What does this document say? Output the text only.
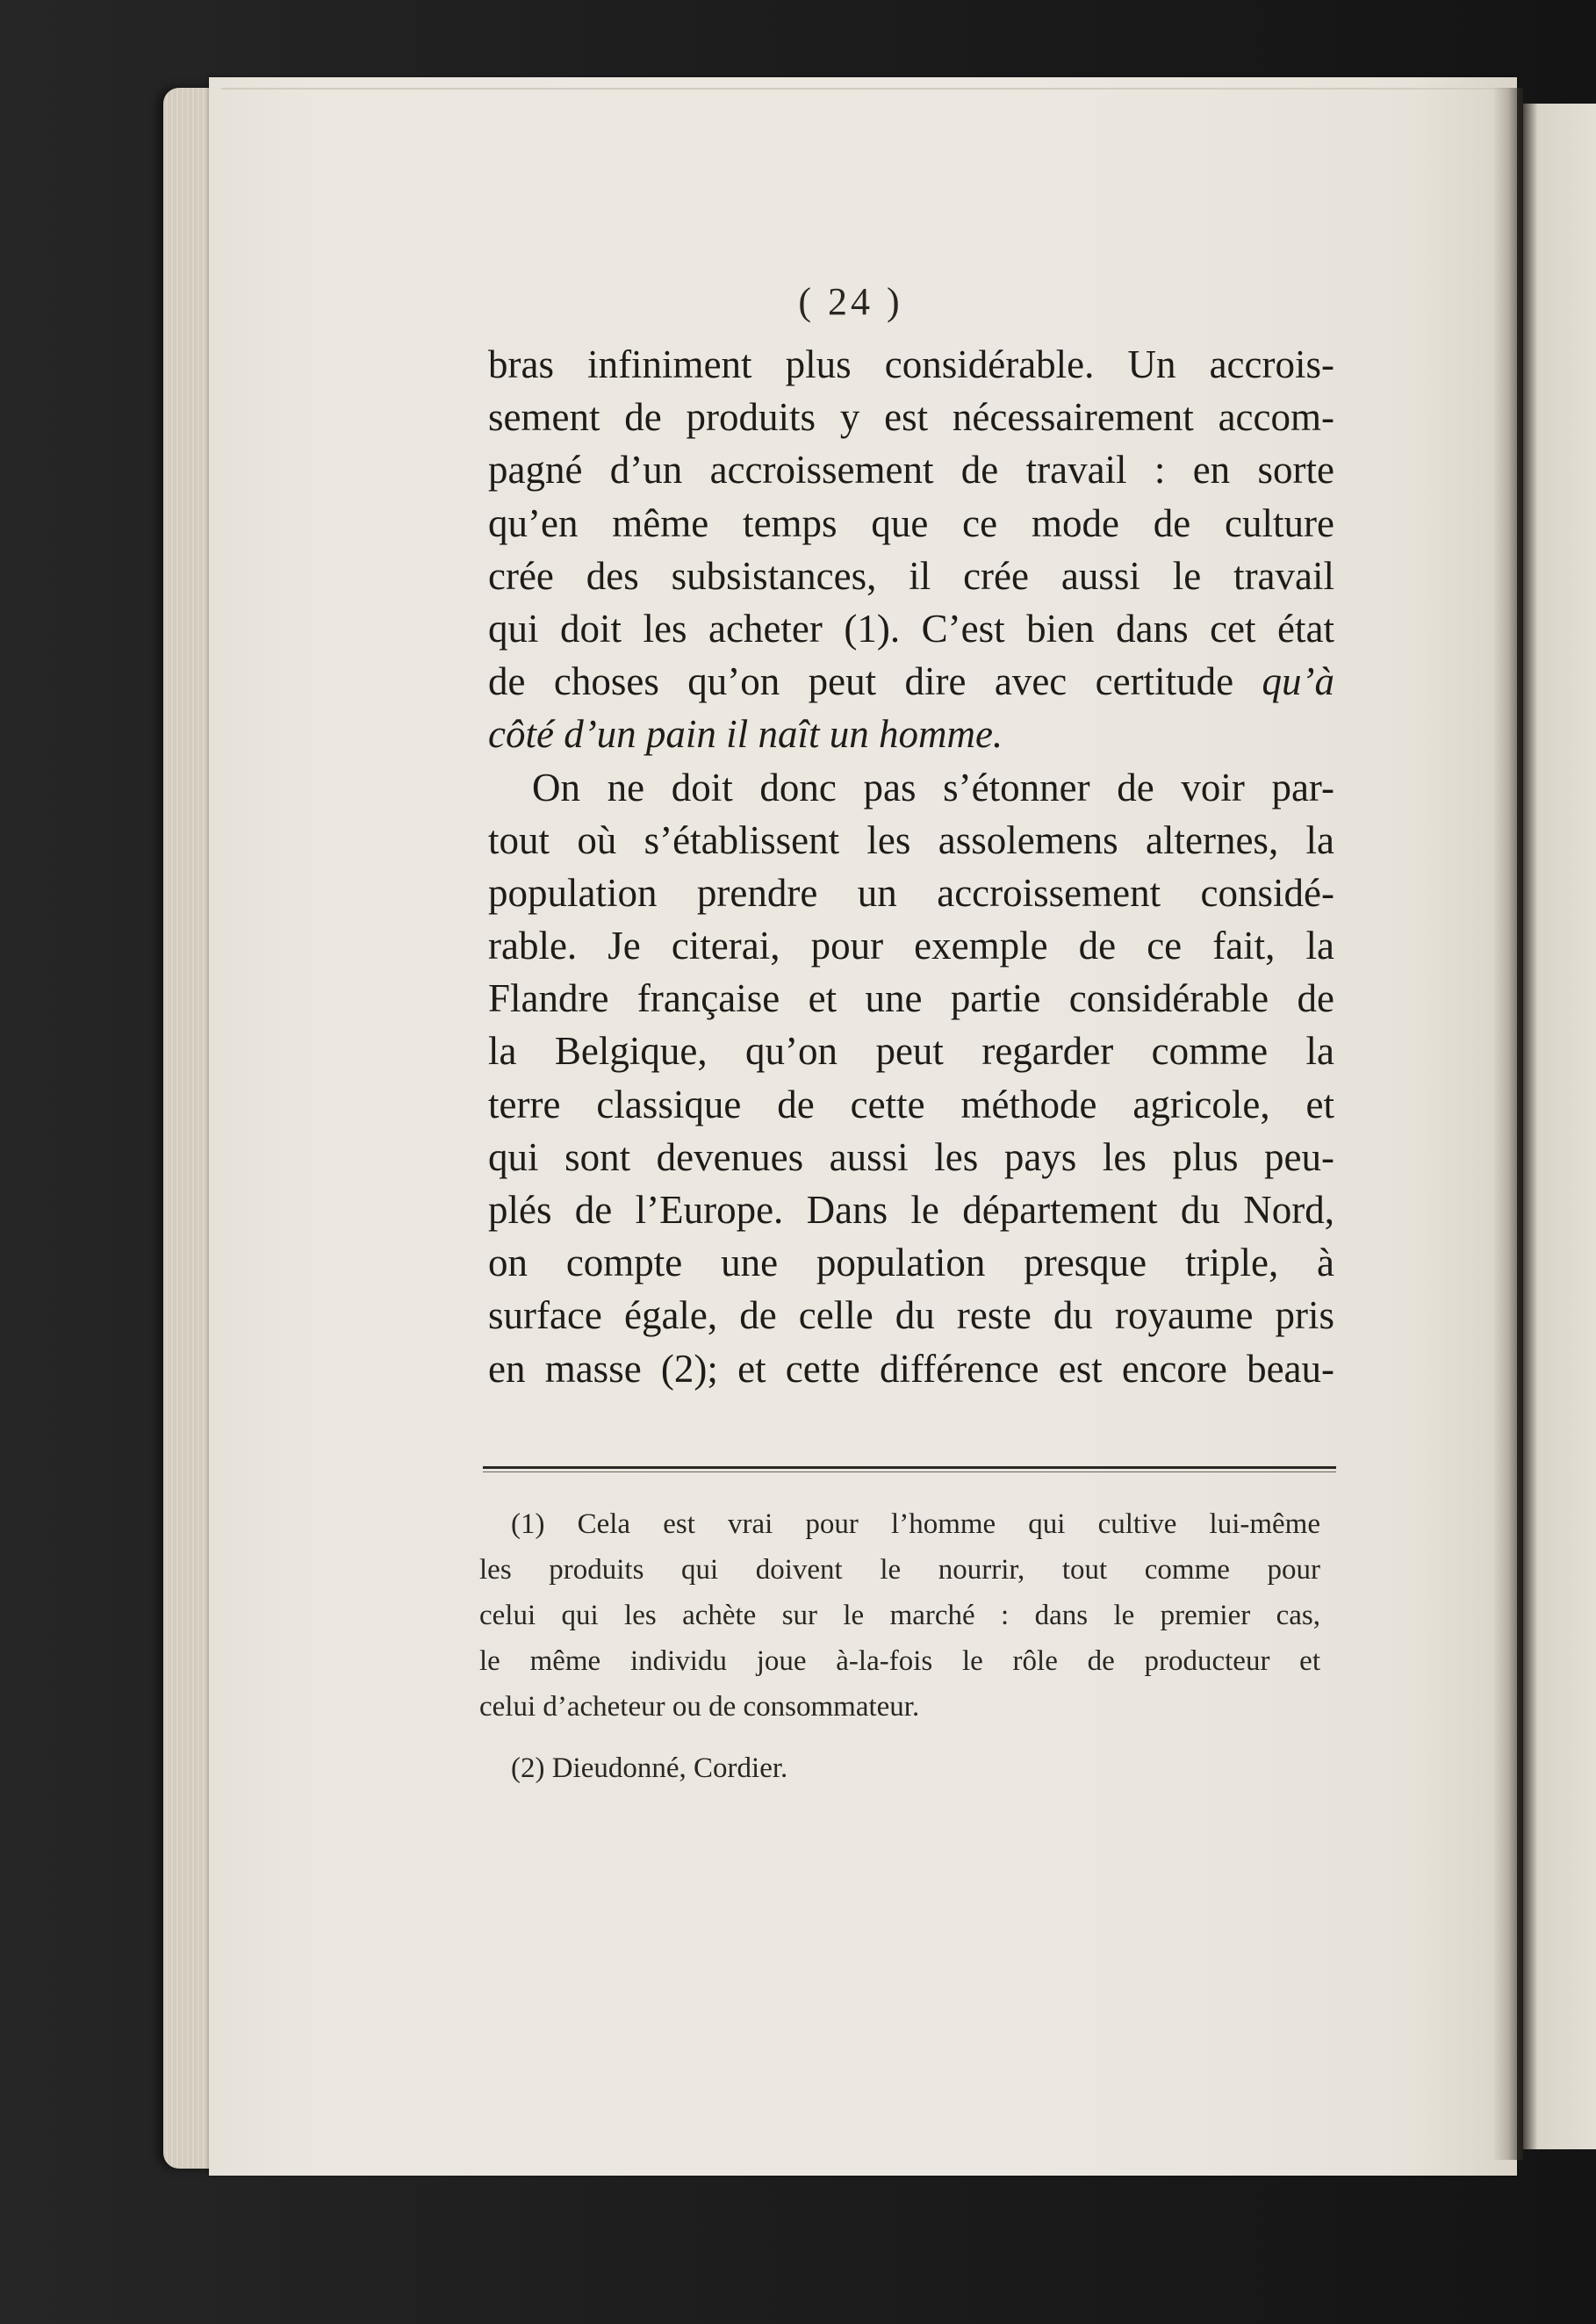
( 24 )
bras infiniment plus considérable. Un accrois-
sement de produits y est nécessairement accom-
pagné d’un accroissement de travail : en sorte
qu’en même temps que ce mode de culture
crée des subsistances, il crée aussi le travail
qui doit les acheter (1). C’est bien dans cet état
de choses qu’on peut dire avec certitude qu’à
côté d’un pain il naît un homme.
On ne doit donc pas s’étonner de voir par-
tout où s’établissent les assolemens alternes, la
population prendre un accroissement considé-
rable. Je citerai, pour exemple de ce fait, la
Flandre française et une partie considérable de
la Belgique, qu’on peut regarder comme la
terre classique de cette méthode agricole, et
qui sont devenues aussi les pays les plus peu-
plés de l’Europe. Dans le département du Nord,
on compte une population presque triple, à
surface égale, de celle du reste du royaume pris
en masse (2); et cette différence est encore beau-
(1) Cela est vrai pour l’homme qui cultive lui-même
les produits qui doivent le nourrir, tout comme pour
celui qui les achète sur le marché : dans le premier cas,
le même individu joue à-la-fois le rôle de producteur et
celui d’acheteur ou de consommateur.
(2) Dieudonné, Cordier.
